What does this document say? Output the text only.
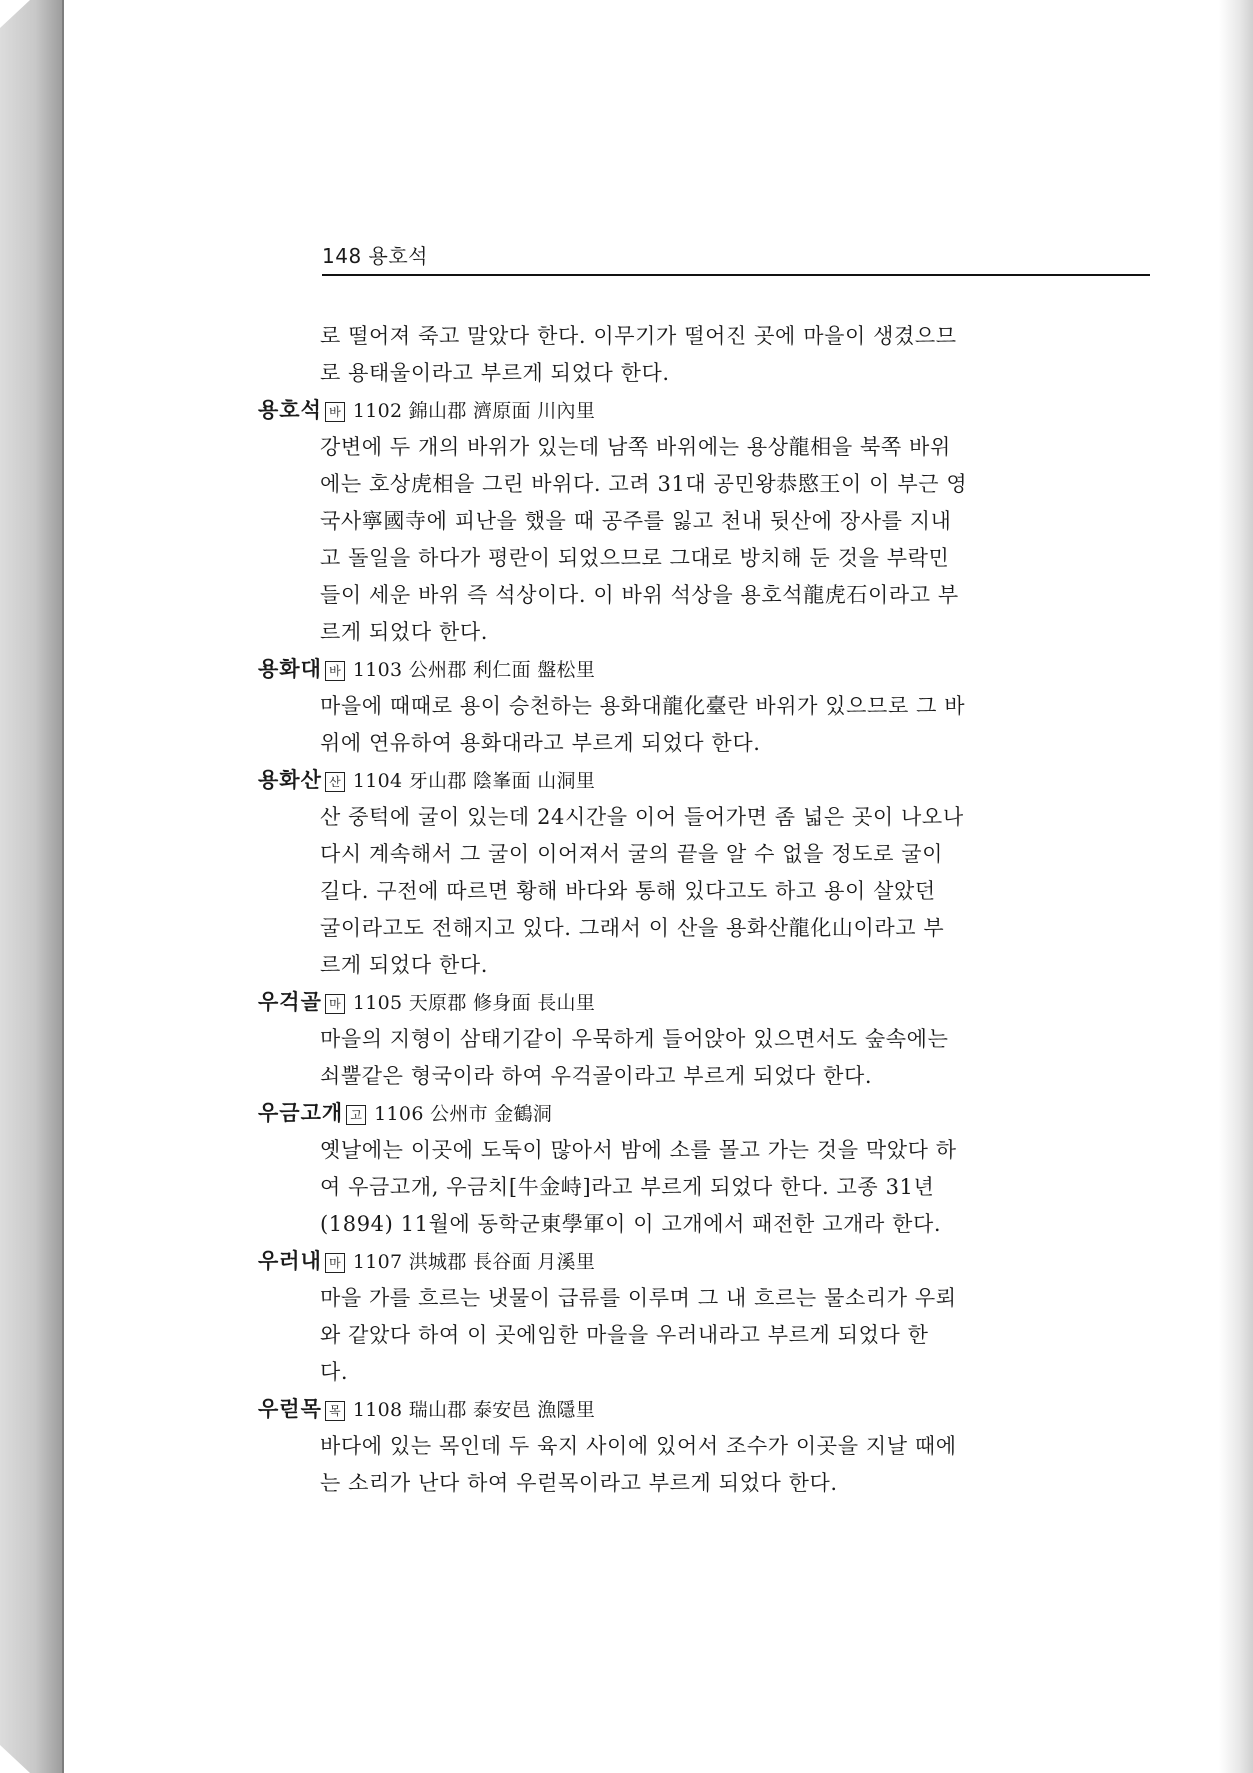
148 용호석
로 떨어져 죽고 말았다 한다. 이무기가 떨어진 곳에 마을이 생겼으므
로 용태울이라고 부르게 되었다 한다.
용호석 바 1102 錦山郡 濟原面 川內里
강변에 두 개의 바위가 있는데 남쪽 바위에는 용상龍相을 북쪽 바위
에는 호상虎相을 그린 바위다. 고려 31대 공민왕恭愍王이 이 부근 영
국사寧國寺에 피난을 했을 때 공주를 잃고 천내 뒷산에 장사를 지내
고 돌일을 하다가 평란이 되었으므로 그대로 방치해 둔 것을 부락민
들이 세운 바위 즉 석상이다. 이 바위 석상을 용호석龍虎石이라고 부
르게 되었다 한다.
용화대 바 1103 公州郡 利仁面 盤松里
마을에 때때로 용이 승천하는 용화대龍化臺란 바위가 있으므로 그 바
위에 연유하여 용화대라고 부르게 되었다 한다.
용화산 산 1104 牙山郡 陰峯面 山洞里
산 중턱에 굴이 있는데 24시간을 이어 들어가면 좀 넓은 곳이 나오나
다시 계속해서 그 굴이 이어져서 굴의 끝을 알 수 없을 정도로 굴이
길다. 구전에 따르면 황해 바다와 통해 있다고도 하고 용이 살았던
굴이라고도 전해지고 있다. 그래서 이 산을 용화산龍化山이라고 부
르게 되었다 한다.
우걱골 마 1105 天原郡 修身面 長山里
마을의 지형이 삼태기같이 우묵하게 들어앉아 있으면서도 숲속에는
쇠뿔같은 형국이라 하여 우걱골이라고 부르게 되었다 한다.
우금고개 고 1106 公州市 金鶴洞
옛날에는 이곳에 도둑이 많아서 밤에 소를 몰고 가는 것을 막았다 하
여 우금고개, 우금치[牛金峙]라고 부르게 되었다 한다. 고종 31년
(1894) 11월에 동학군東學軍이 이 고개에서 패전한 고개라 한다.
우러내 마 1107 洪城郡 長谷面 月溪里
마을 가를 흐르는 냇물이 급류를 이루며 그 내 흐르는 물소리가 우뢰
와 같았다 하여 이 곳에임한 마을을 우러내라고 부르게 되었다 한
다.
우럳목 목 1108 瑞山郡 泰安邑 漁隱里
바다에 있는 목인데 두 육지 사이에 있어서 조수가 이곳을 지날 때에
는 소리가 난다 하여 우럳목이라고 부르게 되었다 한다.
